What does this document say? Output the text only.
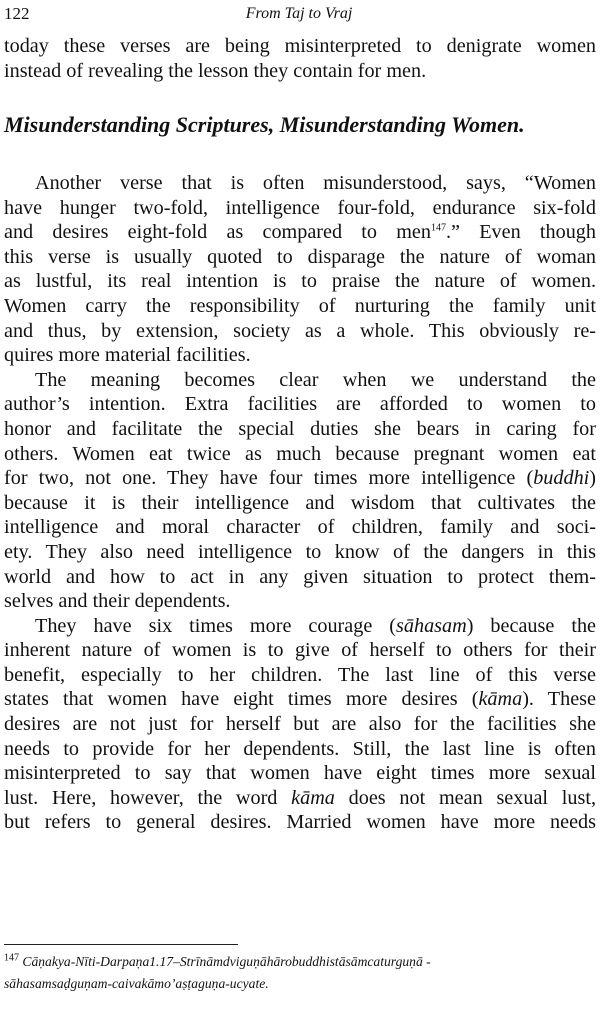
122	From Taj to Vraj
today these verses are being misinterpreted to denigrate women
instead of revealing the lesson they contain for men.
Misunderstanding Scriptures, Misunderstanding Women.
Another verse that is often misunderstood, says, “Women
have hunger two-fold, intelligence four-fold, endurance six-fold
and desires eight-fold as compared to men$^{147}$.” Even though
this verse is usually quoted to disparage the nature of woman
as lustful, its real intention is to praise the nature of women.
Women carry the responsibility of nurturing the family unit
and thus, by extension, society as a whole. This obviously re-
quires more material facilities.
The meaning becomes clear when we understand the
author’s intention. Extra facilities are afforded to women to
honor and facilitate the special duties she bears in caring for
others. Women eat twice as much because pregnant women eat
for two, not one. They have four times more intelligence (buddhi)
because it is their intelligence and wisdom that cultivates the
intelligence and moral character of children, family and soci-
ety. They also need intelligence to know of the dangers in this
world and how to act in any given situation to protect them-
selves and their dependents.
They have six times more courage (sāhasam) because the
inherent nature of women is to give of herself to others for their
benefit, especially to her children. The last line of this verse
states that women have eight times more desires (kāma). These
desires are not just for herself but are also for the facilities she
needs to provide for her dependents. Still, the last line is often
misinterpreted to say that women have eight times more sexual
lust. Here, however, the word kāma does not mean sexual lust,
but refers to general desires. Married women have more needs
$^{147}$ Cāṇakya-Nīti-Darpaṇa1.17–Strīnāmdviguṇāhārobuddhistāsāmcaturguṇā -
sāhasamsaḍguṇam-caivakāmo’aṣṭaguṇa-ucyate.
